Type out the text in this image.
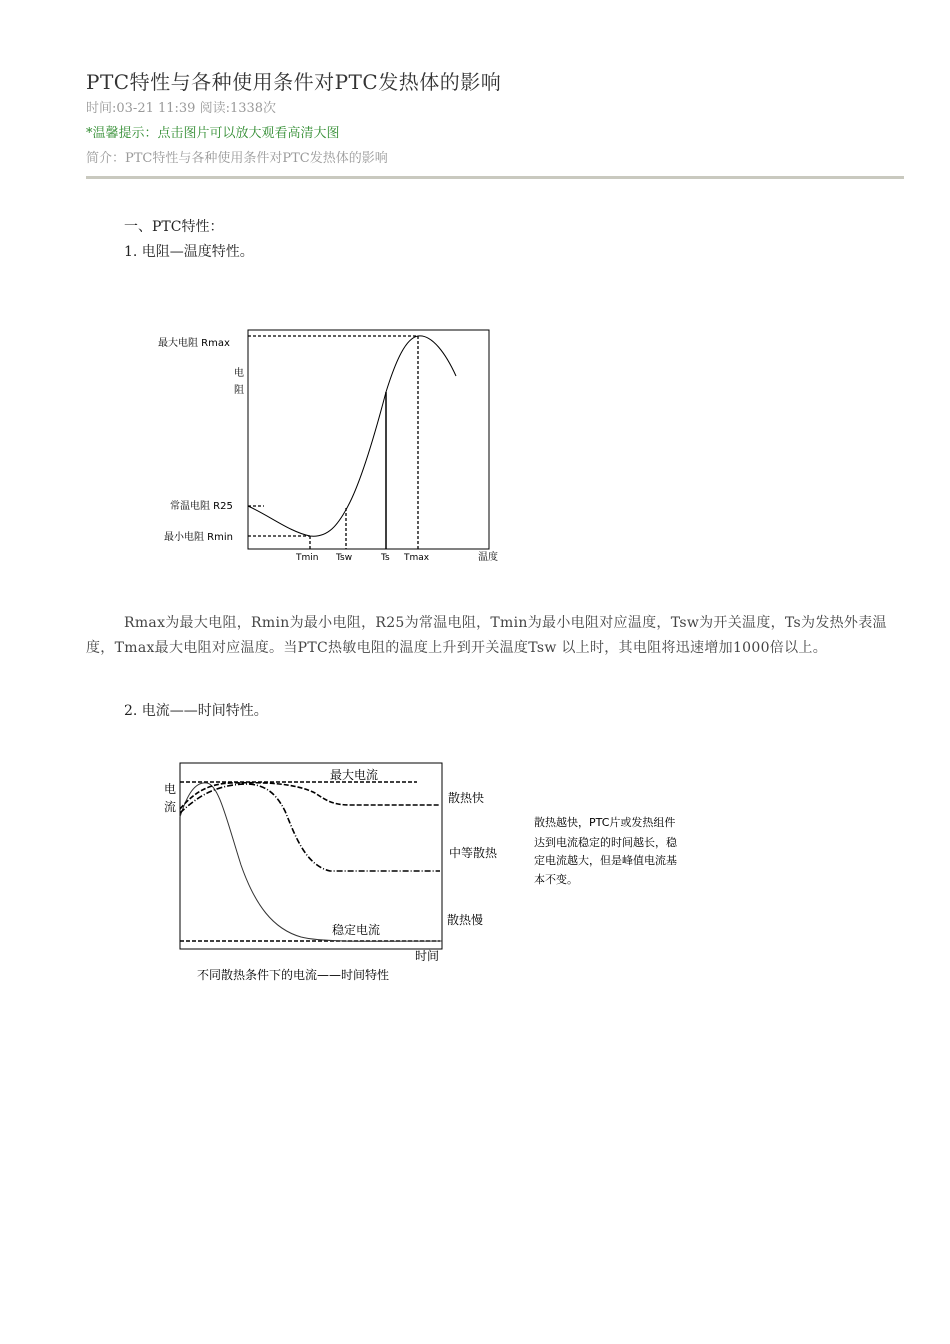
PTC特性与各种使用条件对PTC发热体的影响
时间:03-21 11:39 阅读:1338次
*温馨提示：点击图片可以放大观看高清大图
简介：PTC特性与各种使用条件对PTC发热体的影响
一、PTC特性：
1. 电阻—温度特性。
最大电阻 Rmax
电
阻
常温电阻 R25
最小电阻 Rmin
Tmin Tsw	Ts Tmax	温度
Rmax为最大电阻，Rmin为最小电阻，R25为常温电阻，Tmin为最小电阻对应温度，Tsw为开关温度，Ts为发热外表温度，Tmax最大电阻对应温度。当PTC热敏电阻的温度上升到开关温度Tsw 以上时，其电阻将迅速增加1000倍以上。
2. 电流——时间特性。
电
流
最大电流
散热快
中等散热
散热慢
稳定电流
时间
不同散热条件下的电流——时间特性
散热越快，PTC片或发热组件
达到电流稳定的时间越长，稳
定电流越大，但是峰值电流基
本不变。
